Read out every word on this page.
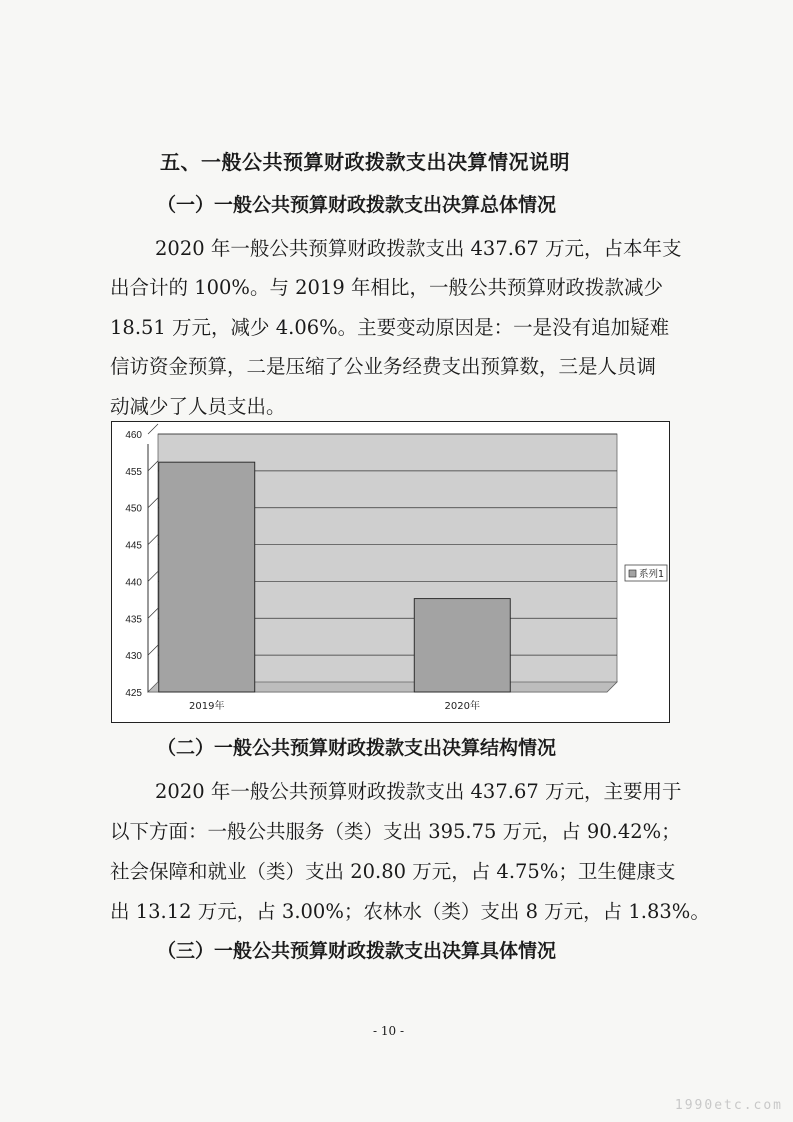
五、一般公共预算财政拨款支出决算情况说明
（一）一般公共预算财政拨款支出决算总体情况
2020 年一般公共预算财政拨款支出 437.67 万元，占本年支
出合计的 100%。与 2019 年相比，一般公共预算财政拨款减少
18.51 万元，减少 4.06%。主要变动原因是：一是没有追加疑难
信访资金预算，二是压缩了公业务经费支出预算数，三是人员调
动减少了人员支出。
425
430
435
440
445
450
455
460
2019年	2020年
系列1
（二）一般公共预算财政拨款支出决算结构情况
2020 年一般公共预算财政拨款支出 437.67 万元，主要用于
以下方面：一般公共服务（类）支出 395.75 万元，占 90.42%；
社会保障和就业（类）支出 20.80 万元，占 4.75%；卫生健康支
出 13.12 万元，占 3.00%；农林水（类）支出 8 万元，占 1.83%。
（三）一般公共预算财政拨款支出决算具体情况
- 10 -
1990etc.com
